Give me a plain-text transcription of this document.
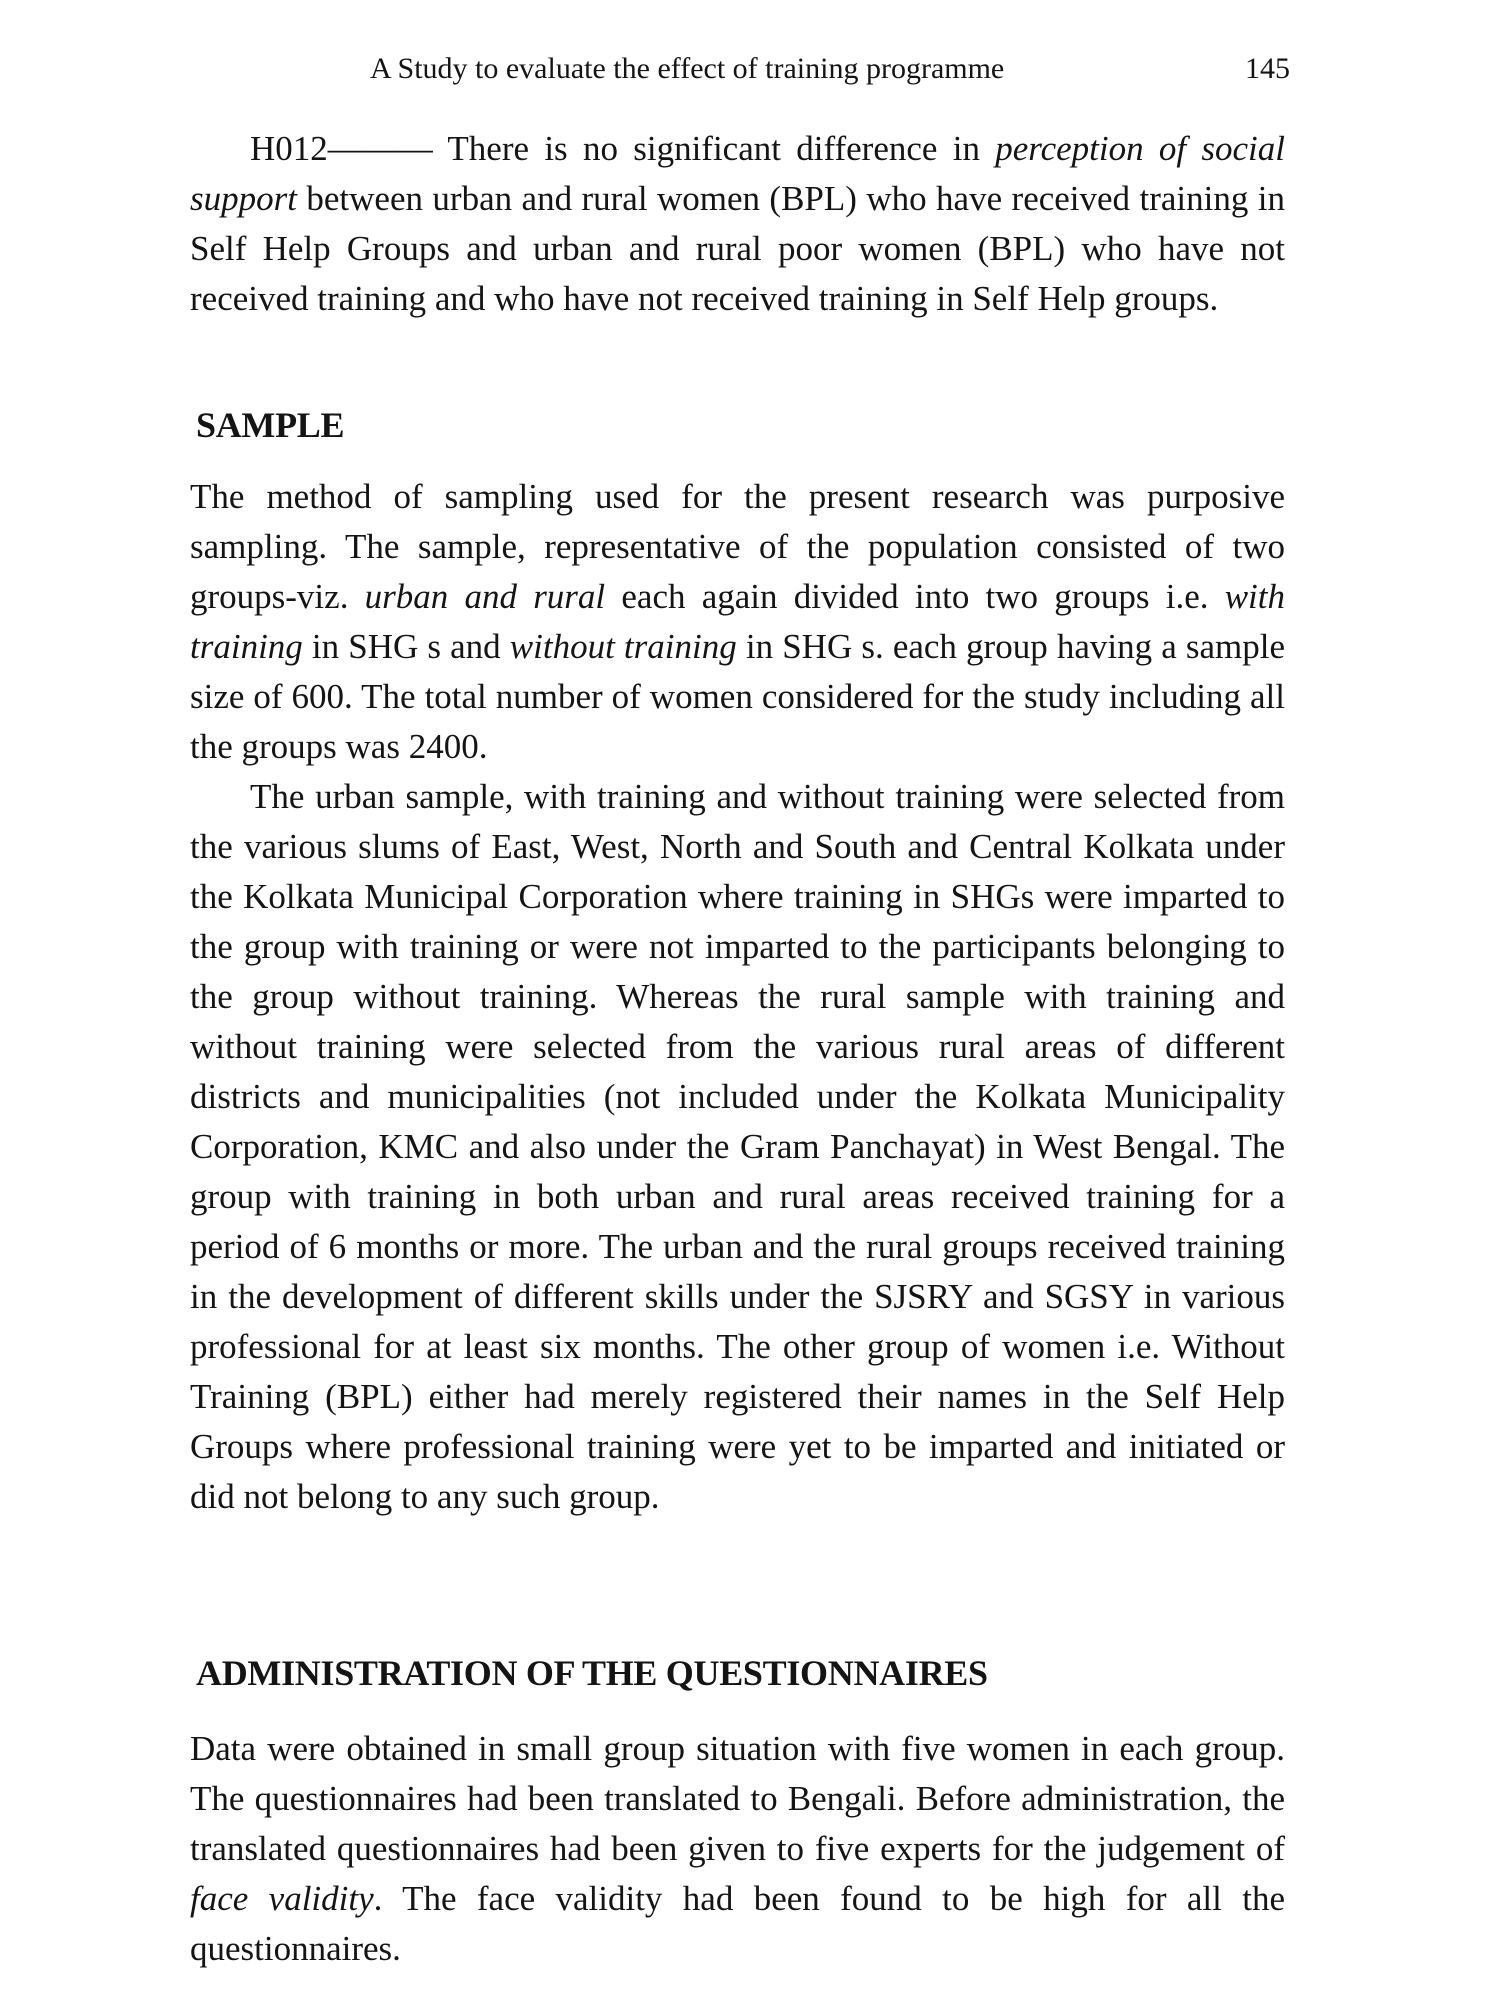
A Study to evaluate the effect of training programme	145

H012——— There is no significant difference in perception of social support between urban and rural women (BPL) who have received training in Self Help Groups and urban and rural poor women (BPL) who have not received training and who have not received training in Self Help groups.

SAMPLE

The method of sampling used for the present research was purposive sampling. The sample, representative of the population consisted of two groups-viz. urban and rural each again divided into two groups i.e. with training in SHG s and without training in SHG s. each group having a sample size of 600. The total number of women considered for the study including all the groups was 2400.

The urban sample, with training and without training were selected from the various slums of East, West, North and South and Central Kolkata under the Kolkata Municipal Corporation where training in SHGs were imparted to the group with training or were not imparted to the participants belonging to the group without training. Whereas the rural sample with training and without training were selected from the various rural areas of different districts and municipalities (not included under the Kolkata Municipality Corporation, KMC and also under the Gram Panchayat) in West Bengal. The group with training in both urban and rural areas received training for a period of 6 months or more. The urban and the rural groups received training in the development of different skills under the SJSRY and SGSY in various professional for at least six months. The other group of women i.e. Without Training (BPL) either had merely registered their names in the Self Help Groups where professional training were yet to be imparted and initiated or did not belong to any such group.

ADMINISTRATION OF THE QUESTIONNAIRES

Data were obtained in small group situation with five women in each group. The questionnaires had been translated to Bengali. Before administration, the translated questionnaires had been given to five experts for the judgement of face validity. The face validity had been found to be high for all the questionnaires.
